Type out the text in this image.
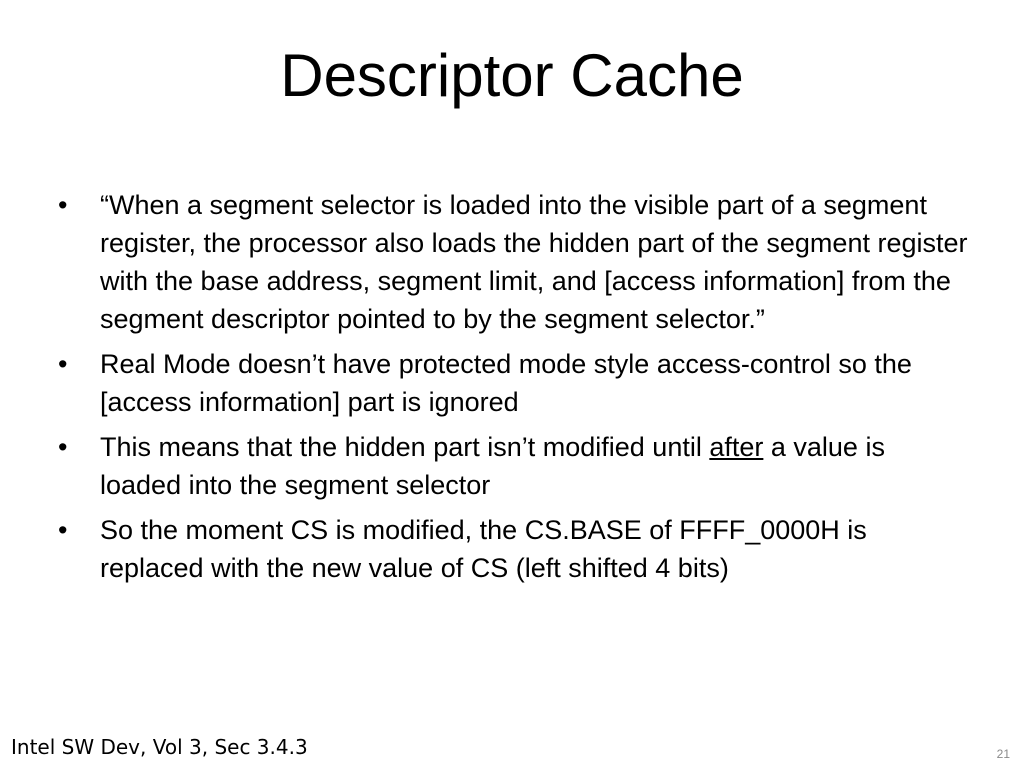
Descriptor Cache
• “When a segment selector is loaded into the visible part of a segment register, the processor also loads the hidden part of the segment register with the base address, segment limit, and [access information] from the segment descriptor pointed to by the segment selector.”
• Real Mode doesn’t have protected mode style access-control so the [access information] part is ignored
• This means that the hidden part isn’t modified until after a value is loaded into the segment selector
• So the moment CS is modified, the CS.BASE of FFFF_0000H is replaced with the new value of CS (left shifted 4 bits)
Intel SW Dev, Vol 3, Sec 3.4.3	21
